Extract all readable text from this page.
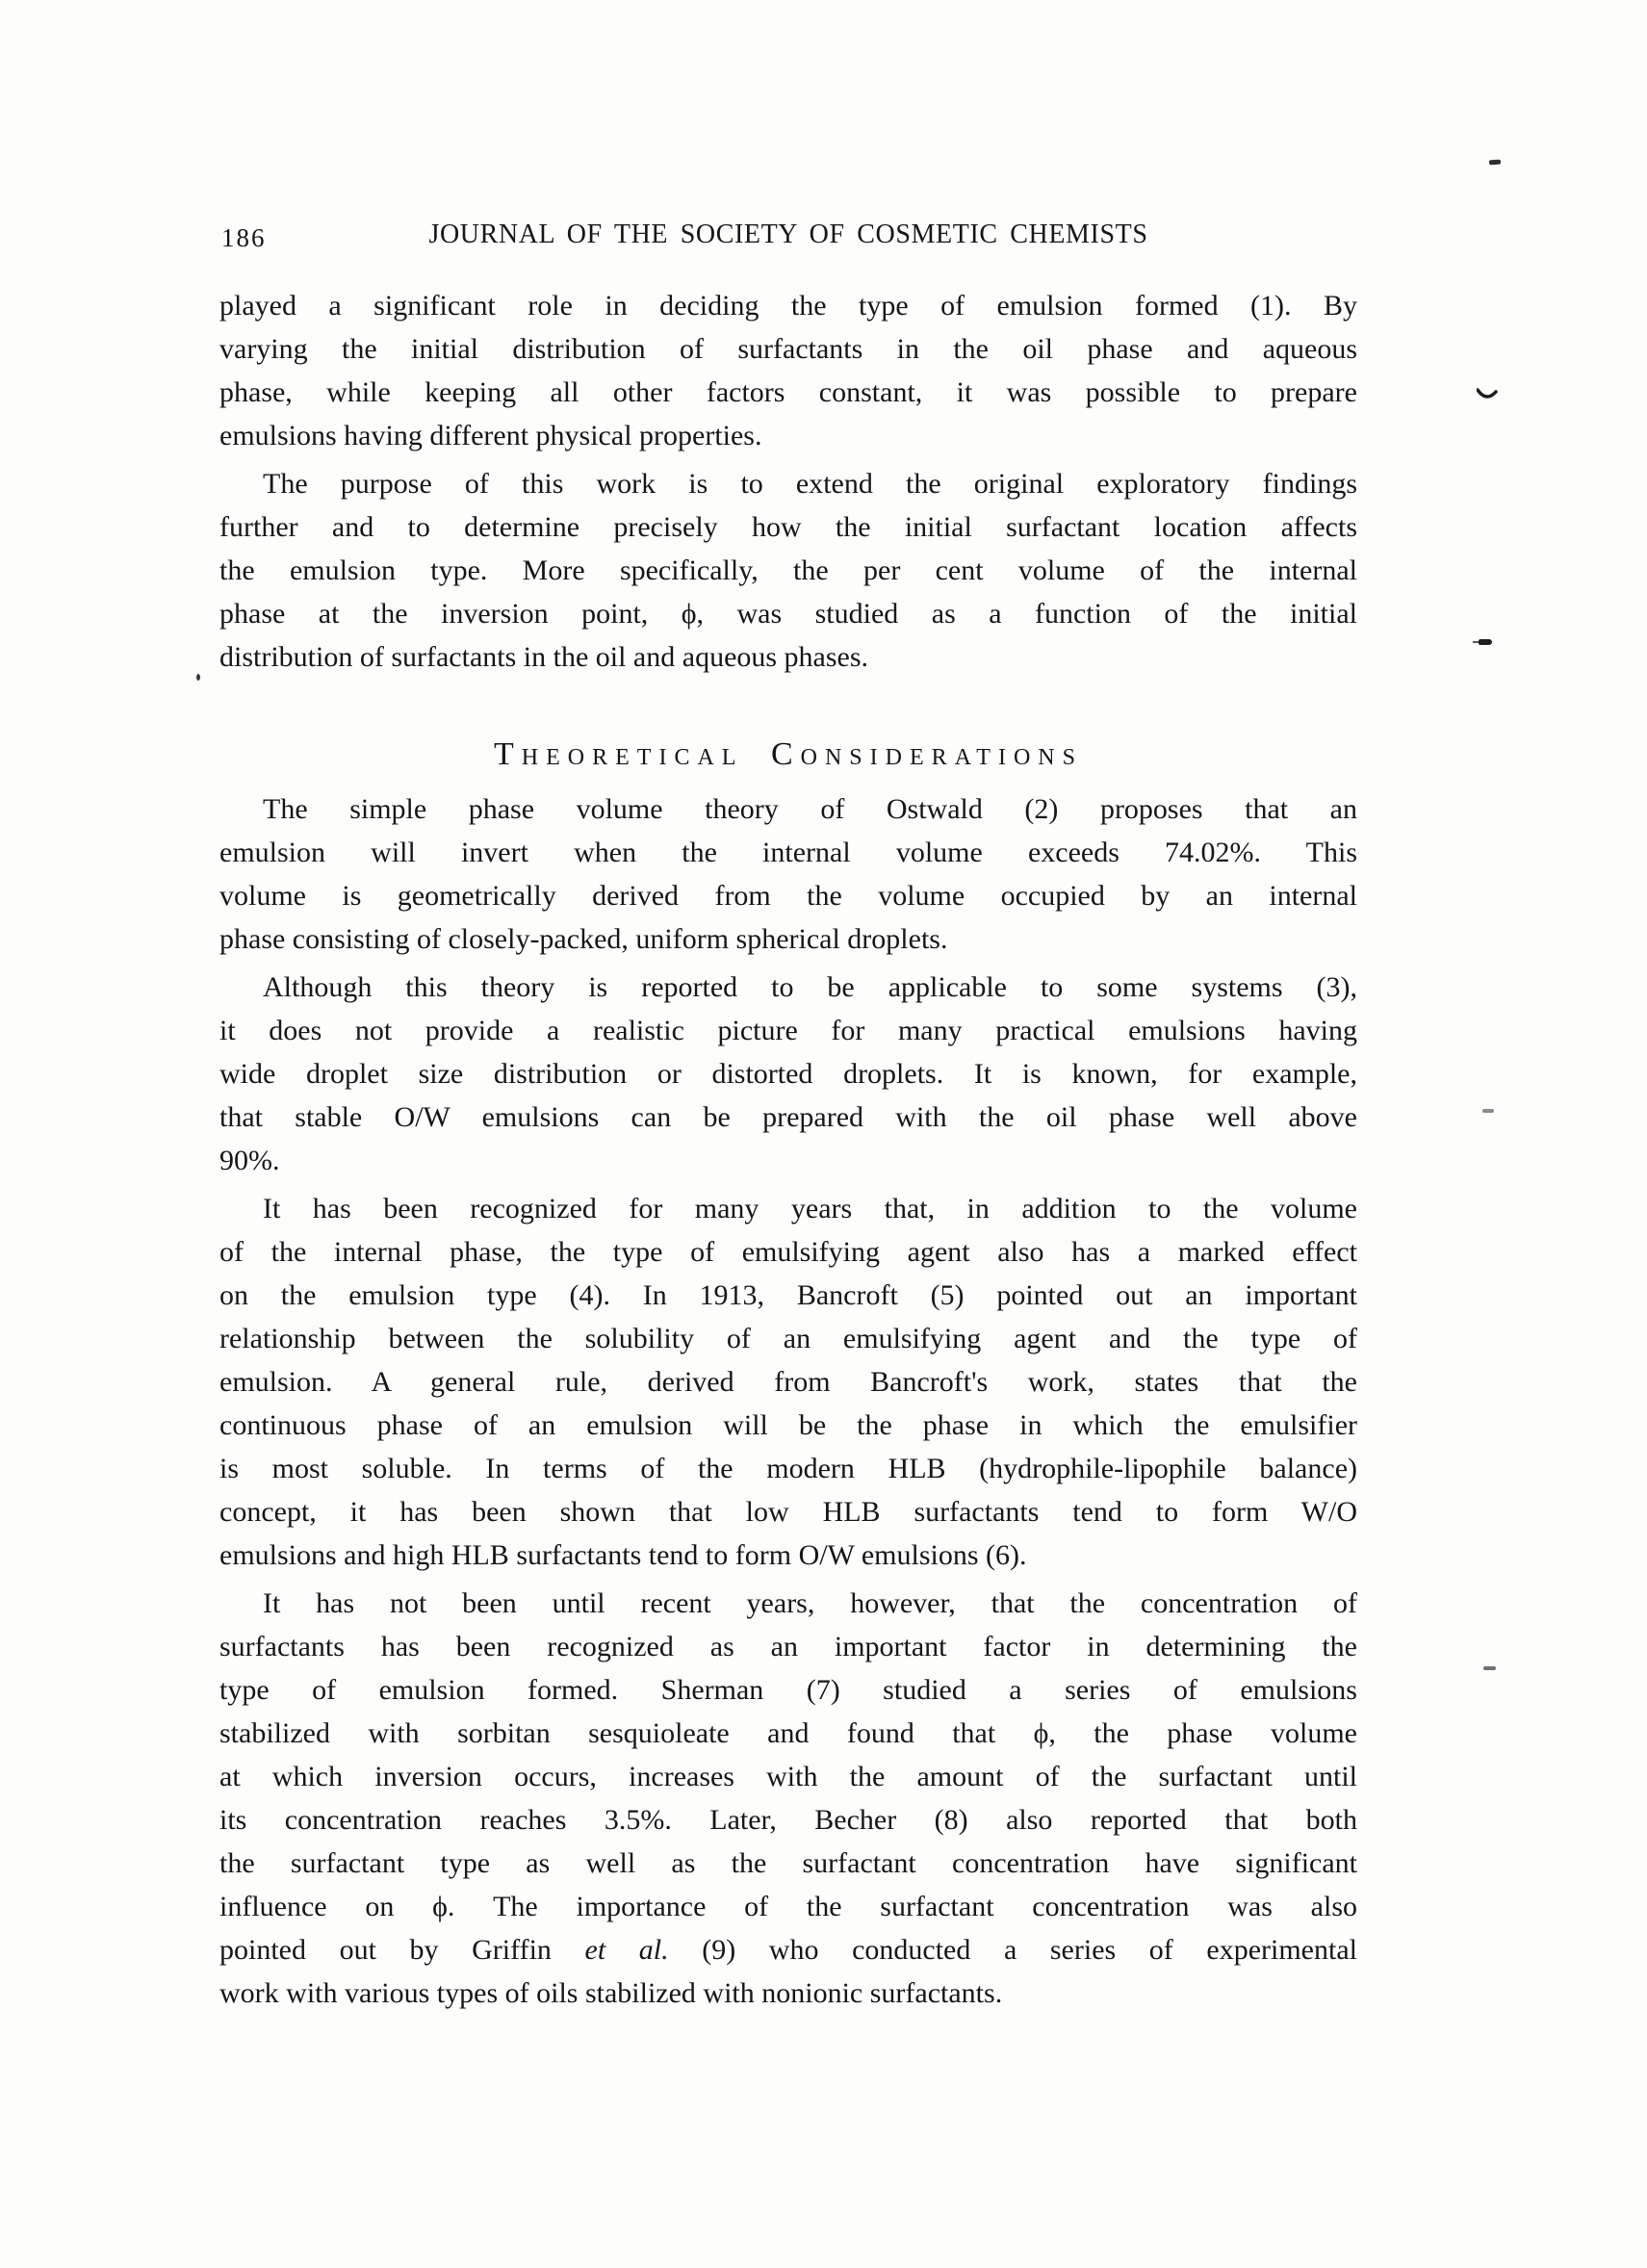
186	JOURNAL OF THE SOCIETY OF COSMETIC CHEMISTS
played a significant role in deciding the type of emulsion formed (1). By
varying the initial distribution of surfactants in the oil phase and aqueous
phase, while keeping all other factors constant, it was possible to prepare
emulsions having different physical properties.
The purpose of this work is to extend the original exploratory findings
further and to determine precisely how the initial surfactant location affects
the emulsion type. More specifically, the per cent volume of the internal
phase at the inversion point, ϕ, was studied as a function of the initial
distribution of surfactants in the oil and aqueous phases.
Theoretical Considerations
The simple phase volume theory of Ostwald (2) proposes that an
emulsion will invert when the internal volume exceeds 74.02%. This
volume is geometrically derived from the volume occupied by an internal
phase consisting of closely-packed, uniform spherical droplets.
Although this theory is reported to be applicable to some systems (3),
it does not provide a realistic picture for many practical emulsions having
wide droplet size distribution or distorted droplets. It is known, for example,
that stable O/W emulsions can be prepared with the oil phase well above
90%.
It has been recognized for many years that, in addition to the volume
of the internal phase, the type of emulsifying agent also has a marked effect
on the emulsion type (4). In 1913, Bancroft (5) pointed out an important
relationship between the solubility of an emulsifying agent and the type of
emulsion. A general rule, derived from Bancroft's work, states that the
continuous phase of an emulsion will be the phase in which the emulsifier
is most soluble. In terms of the modern HLB (hydrophile-lipophile balance)
concept, it has been shown that low HLB surfactants tend to form W/O
emulsions and high HLB surfactants tend to form O/W emulsions (6).
It has not been until recent years, however, that the concentration of
surfactants has been recognized as an important factor in determining the
type of emulsion formed. Sherman (7) studied a series of emulsions
stabilized with sorbitan sesquioleate and found that ϕ, the phase volume
at which inversion occurs, increases with the amount of the surfactant until
its concentration reaches 3.5%. Later, Becher (8) also reported that both
the surfactant type as well as the surfactant concentration have significant
influence on ϕ. The importance of the surfactant concentration was also
pointed out by Griffin et al. (9) who conducted a series of experimental
work with various types of oils stabilized with nonionic surfactants.
